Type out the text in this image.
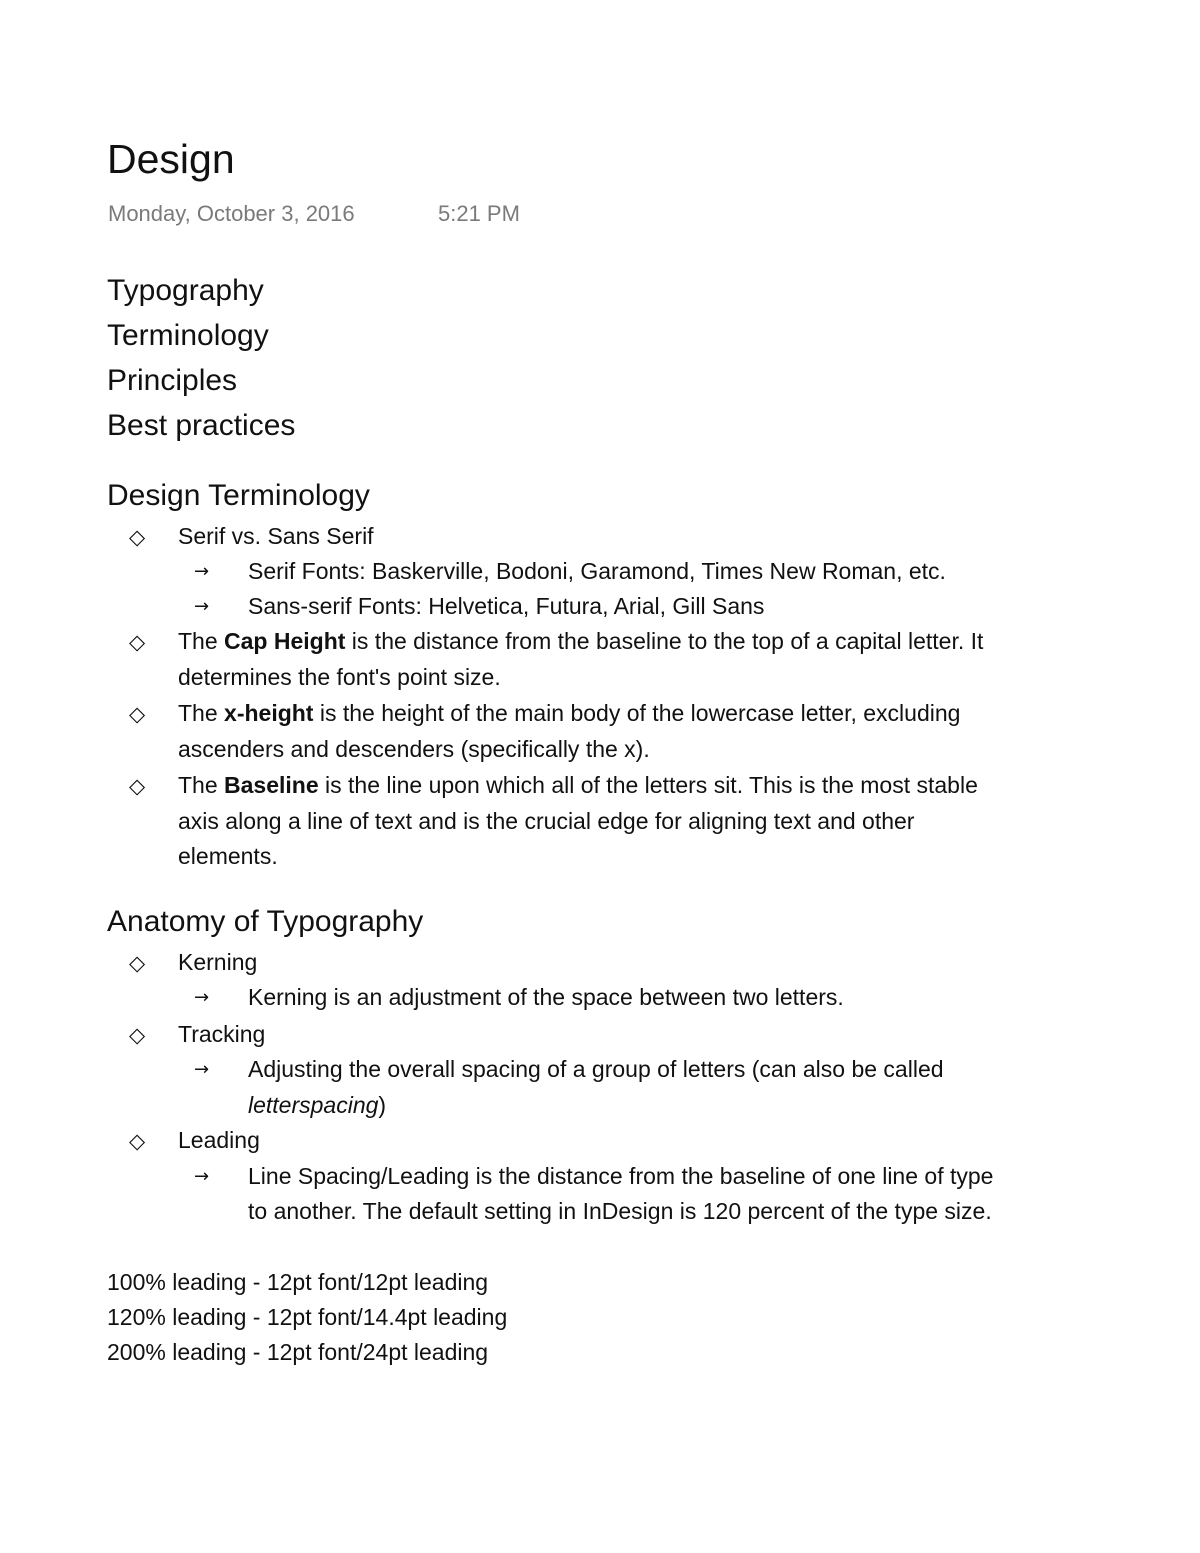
Design
Monday, October 3, 2016	5:21 PM
Typography
Terminology
Principles
Best practices
Design Terminology
◇ Serif vs. Sans Serif
→ Serif Fonts: Baskerville, Bodoni, Garamond, Times New Roman, etc.
→ Sans-serif Fonts: Helvetica, Futura, Arial, Gill Sans
◇ The Cap Height is the distance from the baseline to the top of a capital letter. It
determines the font's point size.
◇ The x-height is the height of the main body of the lowercase letter, excluding
ascenders and descenders (specifically the x).
◇ The Baseline is the line upon which all of the letters sit. This is the most stable
axis along a line of text and is the crucial edge for aligning text and other
elements.
Anatomy of Typography
◇ Kerning
→ Kerning is an adjustment of the space between two letters.
◇ Tracking
→ Adjusting the overall spacing of a group of letters (can also be called
letterspacing)
◇ Leading
→ Line Spacing/Leading is the distance from the baseline of one line of type
to another. The default setting in InDesign is 120 percent of the type size.
100% leading - 12pt font/12pt leading
120% leading - 12pt font/14.4pt leading
200% leading - 12pt font/24pt leading
